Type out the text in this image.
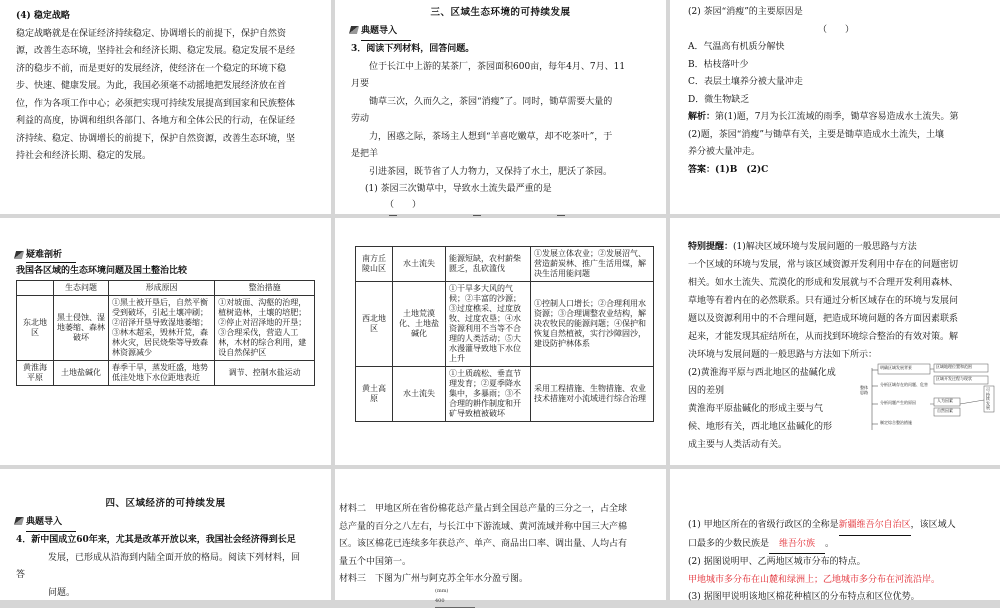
(4) 稳定战略

稳定战略就是在保证经济持续稳定、协调增长的前提下，保护自然资

源，改善生态环境，坚持社会和经济长期、稳定发展。稳定发展不是经

济的稳步不前，而是更好的发展经济，使经济在一个稳定的环境下稳

步、快速、健康发展。为此，我国必须毫不动摇地把发展经济放在首

位，作为各项工作中心；必须把实现可持续发展提高到国家和民族整体

利益的高度，协调和组织各部门、各地方和全体公民的行动，在保证经

济持续、稳定、协调增长的前提下，保护自然资源，改善生态环境，坚

持社会和经济长期、稳定的发展。

三、区域生态环境的可持续发展

典题导入

3．阅读下列材料，回答问题。

位于长江中上游的某茶厂，茶园面积600亩，每年4月、7月、11

月要

锄草三次，久而久之，茶园“消瘦”了。同时，锄草需要大量的

劳动

力，困惑之际，茶场主人想到“羊喜吃嫩草，却不吃茶叶”，于

是把羊

引进茶园，既节省了人力物力，又保持了水土，肥沃了茶园。

(1) 茶园三次锄草中，导致水土流失最严重的是

（　　）

(2) 茶园“消瘦”的主要原因是

（　　）

A．气温高有机质分解快

B．枯枝落叶少

C．表层土壤养分被大量冲走

D．微生物缺乏

解析：第(1)题，7月为长江流域的雨季，锄草容易造成水土流失。第

(2)题，茶园“消瘦”与锄草有关，主要是锄草造成水土流失，土壤

养分被大量冲走。

答案：(1)B　(2)C

疑难剖析

我国各区域的生态环境问题及国土整治比较

	生态问题	形成原因	整治措施
东北地区	黑土侵蚀、湿地萎缩、森林破坏	①黑土被开垦后，自然平衡受到破坏，引起土壤冲刷；②沼泽开垦导致湿地萎缩；③林木超采，毁林开荒，森林火灾，居民烧柴等导致森林资源减少	①对坡面、沟壑的治理，植树造林，土壤的培肥；②停止对沼泽地的开垦；③合理采伐，营造人工林，木材的综合利用，建设自然保护区
黄淮海平原	土地盐碱化	春季干旱，蒸发旺盛，地势低洼处地下水位距地表近	调节、控制水盐运动
南方丘陵山区	水土流失	能源短缺，农村薪柴匮乏，乱砍滥伐	①发展立体农业；②发展沼气、营造薪炭林、推广生活用煤，解决生活用能问题
西北地区	土地荒漠化、土地盐碱化	①干旱多大风的气候；②丰富的沙源；③过度樵采、过度放牧、过度农垦；④水资源利用不当等不合理的人类活动；⑤大水漫灌导致地下水位上升	①控制人口增长；②合理利用水资源；③合理调整农业结构，解决农牧民的能源问题；④保护和恢复自然植被，实行沙障固沙，建设防护林体系
黄土高原	水土流失	①土质疏松、垂直节理发育；②夏季降水集中，多暴雨；③不合理的耕作制度和开矿导致植被破坏	采用工程措施、生物措施、农业技术措施对小流域进行综合治理

特别提醒：(1)解决区域环境与发展问题的一般思路与方法

一个区域的环境与发展，常与该区域资源开发利用中存在的问题密切

相关。如水土流失、荒漠化的形成和发展就与不合理开发利用森林、

草地等有着内在的必然联系。只有通过分析区域存在的环境与发展问

题以及资源利用中的不合理问题，把造成环境问题的各方面因素联系

起来，才能发现其症结所在，从而找到环境综合整治的有效对策。解

决环境与发展问题的一般思路与方法如下所示：

(2)黄淮海平原与西北地区的盐碱化成

因的差别

黄淮海平原盐碱化的形成主要与气

候、地形有关，西北地区盐碱化的形

成主要与人类活动有关。

整体思路
明确区域发展背景
分析区域存在的问题、危害
分析问题产生的原因
制定综合整治措施
区域地理位置和范围
区域开发过程与现状
人为因素
自然因素
可持续发展

四、区域经济的可持续发展

典题导入

4．新中国成立60年来，尤其是改革开放以来，我国社会经济得到长足

发展，已形成从沿海到内陆全面开放的格局。阅读下列材料，回

答

问题。

材料二　甲地区所在省份棉花总产量占到全国总产量的三分之一，占全球

总产量的百分之八左右，与长江中下游流域、黄河流域并称中国三大产棉

区。该区棉花已连续多年获总产、单产、商品出口率、调出量、人均占有

量五个中国第一。

材料三　下图为广州与阿克苏全年水分盈亏图。

(mm)
400

(1) 甲地区所在的省级行政区的全称是新疆维吾尔自治区，该区域人

口最多的少数民族是 维吾尔族 。

(2) 据图说明甲、乙两地区城市分布的特点。

甲地城市多分布在山麓和绿洲上；乙地城市多分布在河流沿岸。

(3) 据图甲说明该地区棉花种植区的分布特点和区位优势。
